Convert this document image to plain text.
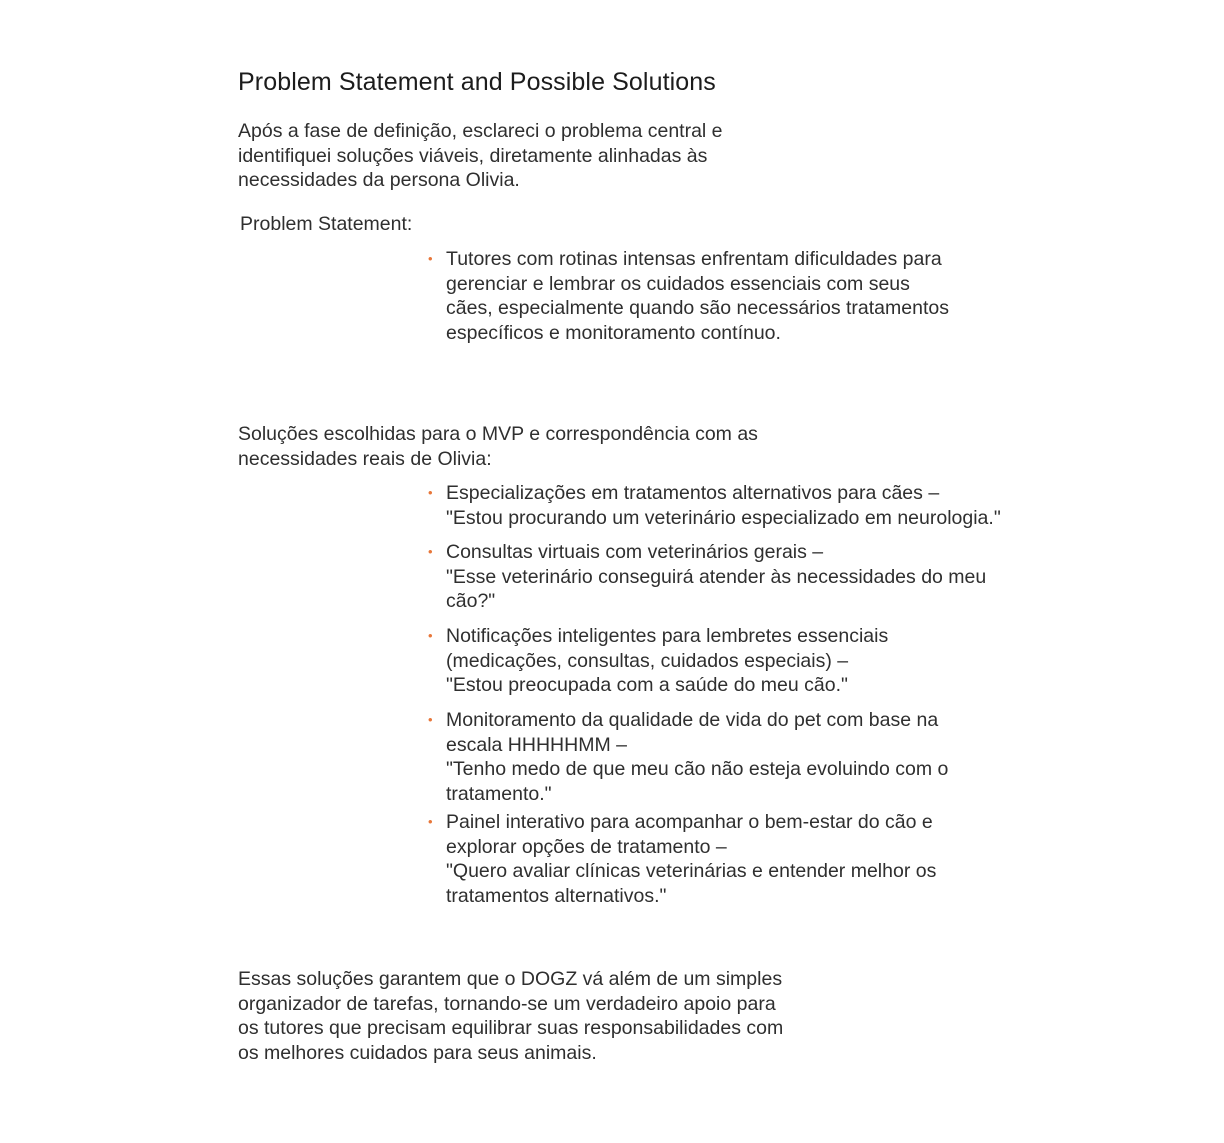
Problem Statement and Possible Solutions

Após a fase de definição, esclareci o problema central e
identifiquei soluções viáveis, diretamente alinhadas às
necessidades da persona Olivia.

Problem Statement:

• Tutores com rotinas intensas enfrentam dificuldades para
gerenciar e lembrar os cuidados essenciais com seus
cães, especialmente quando são necessários tratamentos
específicos e monitoramento contínuo.

Soluções escolhidas para o MVP e correspondência com as
necessidades reais de Olivia:

• Especializações em tratamentos alternativos para cães –
"Estou procurando um veterinário especializado em neurologia."
• Consultas virtuais com veterinários gerais –
"Esse veterinário conseguirá atender às necessidades do meu
cão?"
• Notificações inteligentes para lembretes essenciais
(medicações, consultas, cuidados especiais) –
"Estou preocupada com a saúde do meu cão."
• Monitoramento da qualidade de vida do pet com base na
escala HHHHHMM –
"Tenho medo de que meu cão não esteja evoluindo com o
tratamento."
• Painel interativo para acompanhar o bem-estar do cão e
explorar opções de tratamento –
"Quero avaliar clínicas veterinárias e entender melhor os
tratamentos alternativos."

Essas soluções garantem que o DOGZ vá além de um simples
organizador de tarefas, tornando-se um verdadeiro apoio para
os tutores que precisam equilibrar suas responsabilidades com
os melhores cuidados para seus animais.
